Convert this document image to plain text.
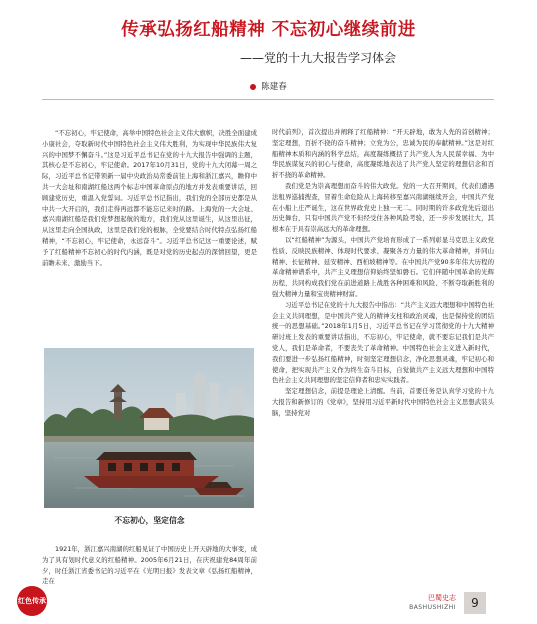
传承弘扬红船精神 不忘初心继续前进
——党的十九大报告学习体会
陈建春

“不忘初心，牢记使命，高举中国特色社会主义伟大旗帜，决胜全面建成小康社会，夺取新时代中国特色社会主义伟大胜利，为实现中华民族伟大复兴的中国梦不懈奋斗。”这是习近平总书记在党的十九大报告中强调的主题，其核心是不忘初心，牢记使命。2017年10月31日，党的十九大闭幕一周之际，习近平总书记带领新一届中央政治局常委前往上海和浙江嘉兴，瞻仰中共一大会址和南湖红船这两个标志中国革命原点的地方并发表重要讲话，回顾建党历史，重温入党誓词。习近平总书记指出，我们党的全部历史都是从中共一大开启的，我们走得再远都不能忘记来时的路。上海党的一大会址、嘉兴南湖红船是我们党梦想起航的地方，我们党从这里诞生，从这里出征，从这里走向全国执政，这里是我们党的根脉，全党要结合时代特点弘扬红船精神，“不忘初心，牢记使命，永远奋斗”。习近平总书记这一重要论述，赋予了红船精神不忘初心的时代内涵，既是对党的历史起点的深情回望，更是前瞻未来、激励当下。

不忘初心，坚定信念

1921年，浙江嘉兴南湖的红船见证了中国历史上开天辟地的大事变，成为了具有划时代意义的红船精神。2005年6月21日，在庆祝建党84周年前夕，时任浙江省委书记的习近平在《光明日报》发表文章《弘扬红船精神，走在

时代前列》，首次提出并阐释了红船精神：“开天辟地，敢为人先的首创精神；坚定理想，百折不挠的奋斗精神；立党为公，忠诚为民的奉献精神。”这是对红船精神本质和内涵的科学总结，高度凝练概括了共产党人为人民谋幸福、为中华民族谋复兴的初心与使命，高度凝练地表达了共产党人坚定的理想信念和百折不挠的革命精神。

我们党是为崇高理想而奋斗的伟大政党。党的一大召开期间，代表们遭遇法租界巡捕搜查，冒着生命危险从上海转移至嘉兴南湖继续开会，中国共产党在小船上庄严诞生，这在世界政党史上独一无二。同时期的许多政党先后退出历史舞台，只有中国共产党不但经受住各种风险考验，还一步步发展壮大，其根本在于具有崇高远大的革命理想。

以“红船精神”为源头，中国共产党培育形成了一系列彰显马克思主义政党性质、反映民族精神、体现时代要求、凝聚各方力量的伟大革命精神，并同山精神、长征精神、延安精神、西柏坡精神等。在中国共产党90多年伟大历程的革命精神谱系中，共产主义理想信仰始终坚如磐石。它们伴随中国革命的光辉历程，共同构成我们党在前进道路上战胜各种困难和风险、不断夺取新胜利的强大精神力量和宝贵精神财富。

习近平总书记在党的十九大报告中指出：“共产主义远大理想和中国特色社会主义共同理想，是中国共产党人的精神支柱和政治灵魂，也是保持党的团结统一的思想基础。”2018年1月5日，习近平总书记在学习贯彻党的十九大精神研讨班上发表的重要讲话指出，不忘初心，牢记使命，就不要忘记我们是共产党人，我们是革命者，不要丧失了革命精神。中国特色社会主义进入新时代，我们要进一步弘扬红船精神，时刻坚定理想信念，净化思想灵魂，牢记初心和使命，把实现共产主义作为终生奋斗目标，自觉做共产主义远大理想和中国特色社会主义共同理想的坚定信仰者和忠实实践者。

坚定理想信念，前提是理论上清醒。当前，首要任务是认真学习党的十九大报告和新修订的《党章》，坚持用习近平新时代中国特色社会主义思想武装头脑，坚持党对

红色传承	巴蜀史志
BASHUSHIZHI	9
